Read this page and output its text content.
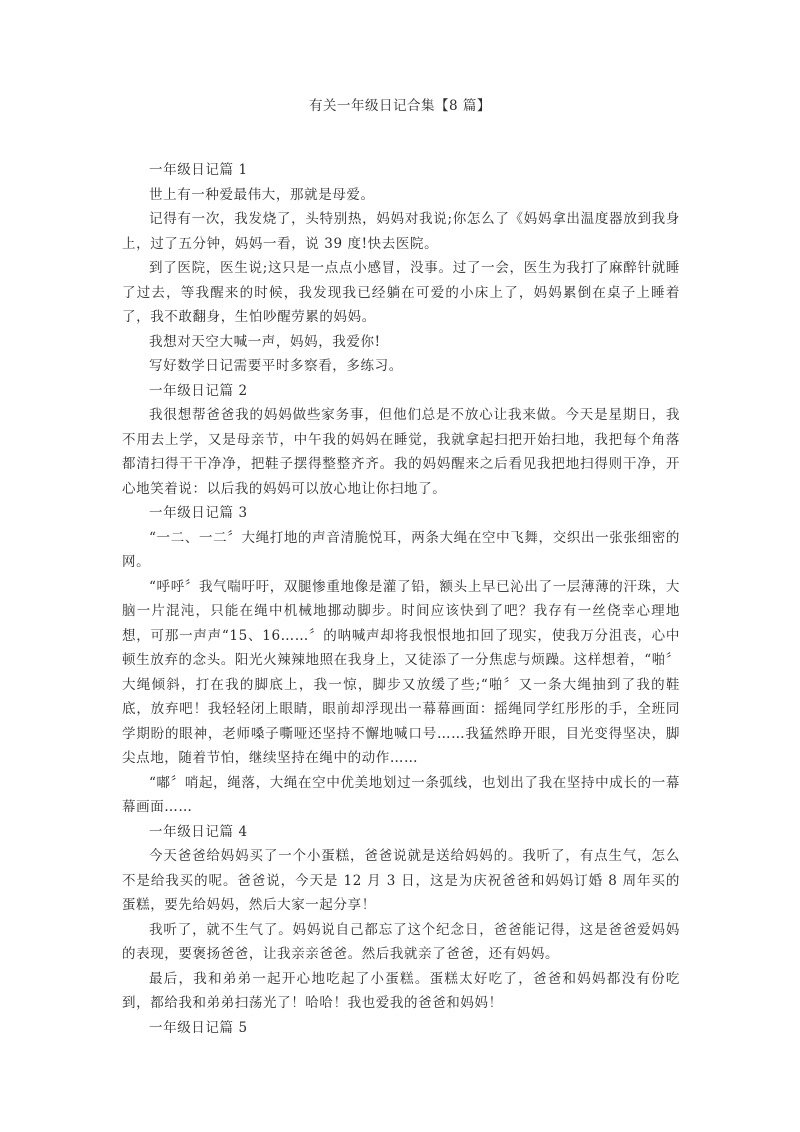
有关一年级日记合集【8 篇】

一年级日记篇 1

世上有一种爱最伟大，那就是母爱。

记得有一次，我发烧了，头特别热，妈妈对我说;你怎么了《妈妈拿出温度器放到我身上，过了五分钟，妈妈一看，说 39 度!快去医院。

到了医院，医生说;这只是一点点小感冒，没事。过了一会，医生为我打了麻醉针就睡了过去，等我醒来的时候，我发现我已经躺在可爱的小床上了，妈妈累倒在桌子上睡着了，我不敢翻身，生怕吵醒劳累的妈妈。

我想对天空大喊一声，妈妈，我爱你!

写好数学日记需要平时多察看，多练习。

一年级日记篇 2

我很想帮爸爸我的妈妈做些家务事，但他们总是不放心让我来做。今天是星期日，我不用去上学，又是母亲节，中午我的妈妈在睡觉，我就拿起扫把开始扫地，我把每个角落都清扫得干干净净，把鞋子摆得整整齐齐。我的妈妈醒来之后看见我把地扫得则干净，开心地笑着说：以后我的妈妈可以放心地让你扫地了。

一年级日记篇 3

“一二、一二〞大绳打地的声音清脆悦耳，两条大绳在空中飞舞，交织出一张张细密的网。

“呼呼〞我气喘吁吁，双腿惨重地像是灌了铅，额头上早已沁出了一层薄薄的汗珠，大脑一片混沌，只能在绳中机械地挪动脚步。时间应该快到了吧？我存有一丝侥幸心理地想，可那一声声“15、16……〞的呐喊声却将我恨恨地扣回了现实，使我万分沮丧，心中顿生放弃的念头。阳光火辣辣地照在我身上，又徒添了一分焦虑与烦躁。这样想着，“啪〞大绳倾斜，打在我的脚底上，我一惊，脚步又放缓了些;“啪〞又一条大绳抽到了我的鞋底，放弃吧！我轻轻闭上眼睛，眼前却浮现出一幕幕画面：摇绳同学红彤彤的手，全班同学期盼的眼神，老师嗓子嘶哑还坚持不懈地喊口号……我猛然睁开眼，目光变得坚决，脚尖点地，随着节怕，继续坚持在绳中的动作……

“嘟〞哨起，绳落，大绳在空中优美地划过一条弧线，也划出了我在坚持中成长的一幕幕画面……

一年级日记篇 4

今天爸爸给妈妈买了一个小蛋糕，爸爸说就是送给妈妈的。我听了，有点生气，怎么不是给我买的呢。爸爸说，今天是 12 月 3 日，这是为庆祝爸爸和妈妈订婚 8 周年买的蛋糕，要先给妈妈，然后大家一起分享！

我听了，就不生气了。妈妈说自己都忘了这个纪念日，爸爸能记得，这是爸爸爱妈妈的表现，要褒扬爸爸，让我亲亲爸爸。然后我就亲了爸爸，还有妈妈。

最后，我和弟弟一起开心地吃起了小蛋糕。蛋糕太好吃了，爸爸和妈妈都没有份吃到，都给我和弟弟扫荡光了！哈哈！我也爱我的爸爸和妈妈！

一年级日记篇 5
